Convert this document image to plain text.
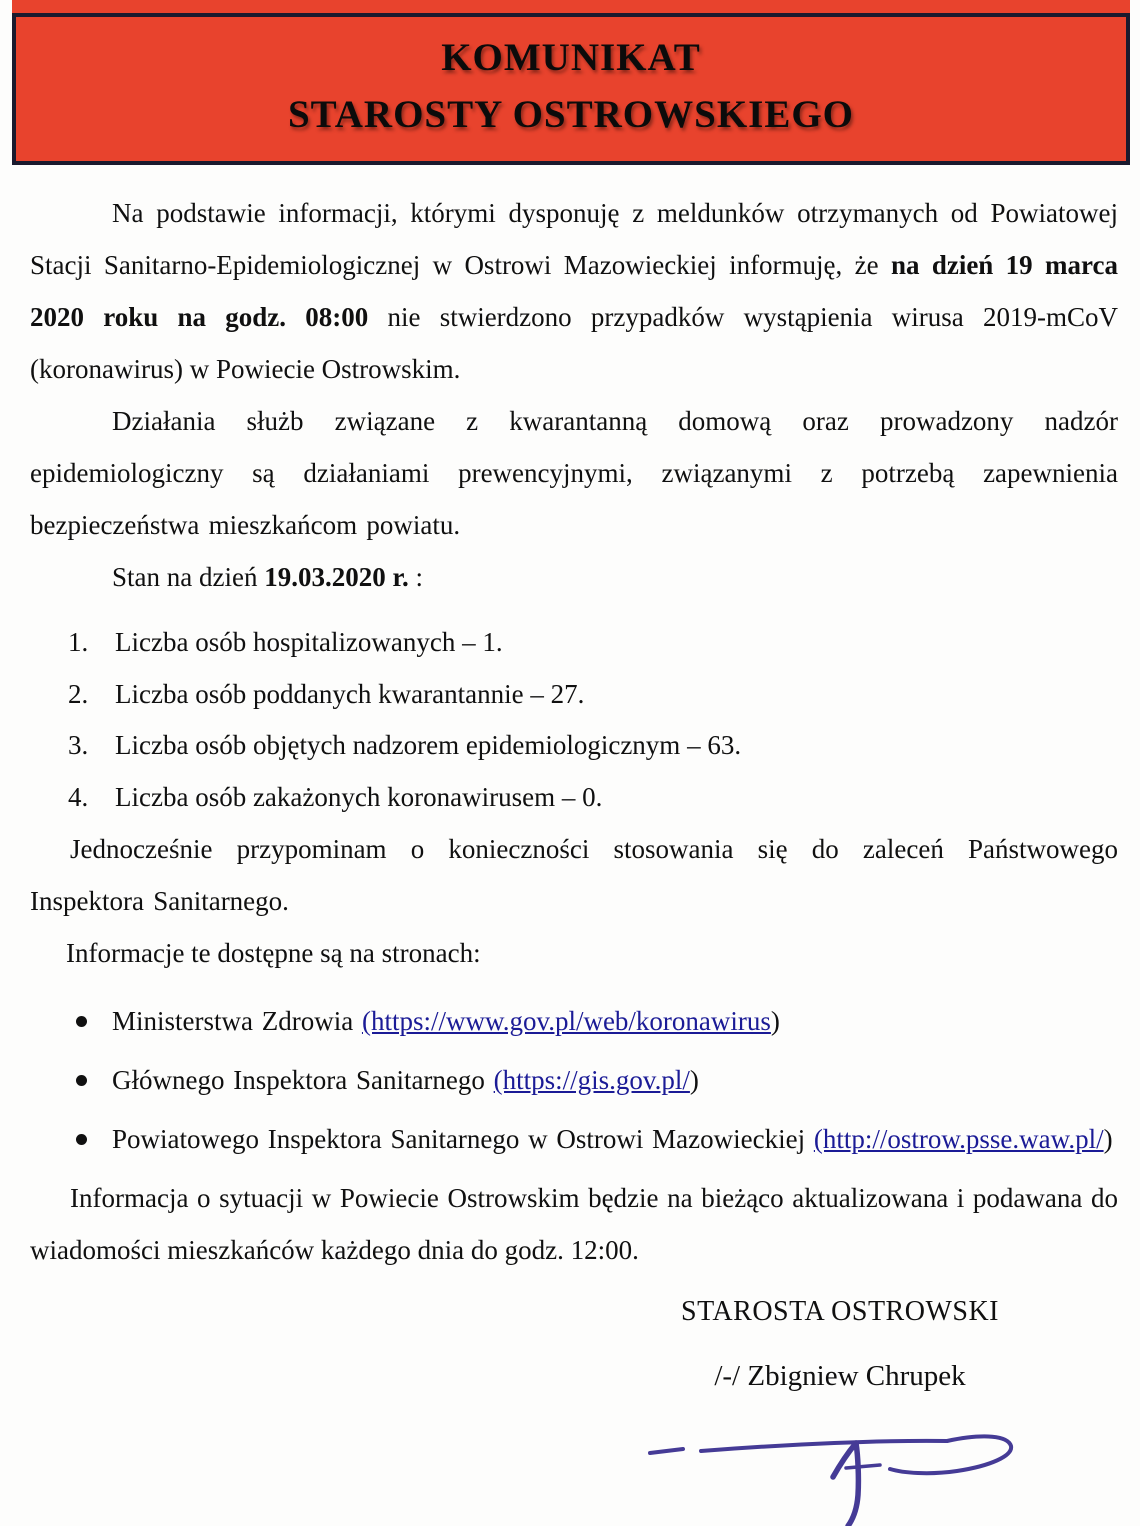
KOMUNIKAT
STAROSTY OSTROWSKIEGO

Na podstawie informacji, którymi dysponuję z meldunków otrzymanych od Powiatowej Stacji Sanitarno-Epidemiologicznej w Ostrowi Mazowieckiej informuję, że na dzień 19 marca 2020 roku na godz. 08:00 nie stwierdzono przypadków wystąpienia wirusa 2019-mCoV (koronawirus) w Powiecie Ostrowskim.

Działania służb związane z kwarantanną domową oraz prowadzony nadzór epidemiologiczny są działaniami prewencyjnymi, związanymi z potrzebą zapewnienia bezpieczeństwa mieszkańcom powiatu.

Stan na dzień 19.03.2020 r. :

1. Liczba osób hospitalizowanych – 1.
2. Liczba osób poddanych kwarantannie – 27.
3. Liczba osób objętych nadzorem epidemiologicznym – 63.
4. Liczba osób zakażonych koronawirusem – 0.

Jednocześnie przypominam o konieczności stosowania się do zaleceń Państwowego Inspektora Sanitarnego.

Informacje te dostępne są na stronach:

Ministerstwa Zdrowia (https://www.gov.pl/web/koronawirus)
Głównego Inspektora Sanitarnego (https://gis.gov.pl/)
Powiatowego Inspektora Sanitarnego w Ostrowi Mazowieckiej (http://ostrow.psse.waw.pl/)

Informacja o sytuacji w Powiecie Ostrowskim będzie na bieżąco aktualizowana i podawana do wiadomości mieszkańców każdego dnia do godz. 12:00.

STAROSTA OSTROWSKI
/-/ Zbigniew Chrupek
